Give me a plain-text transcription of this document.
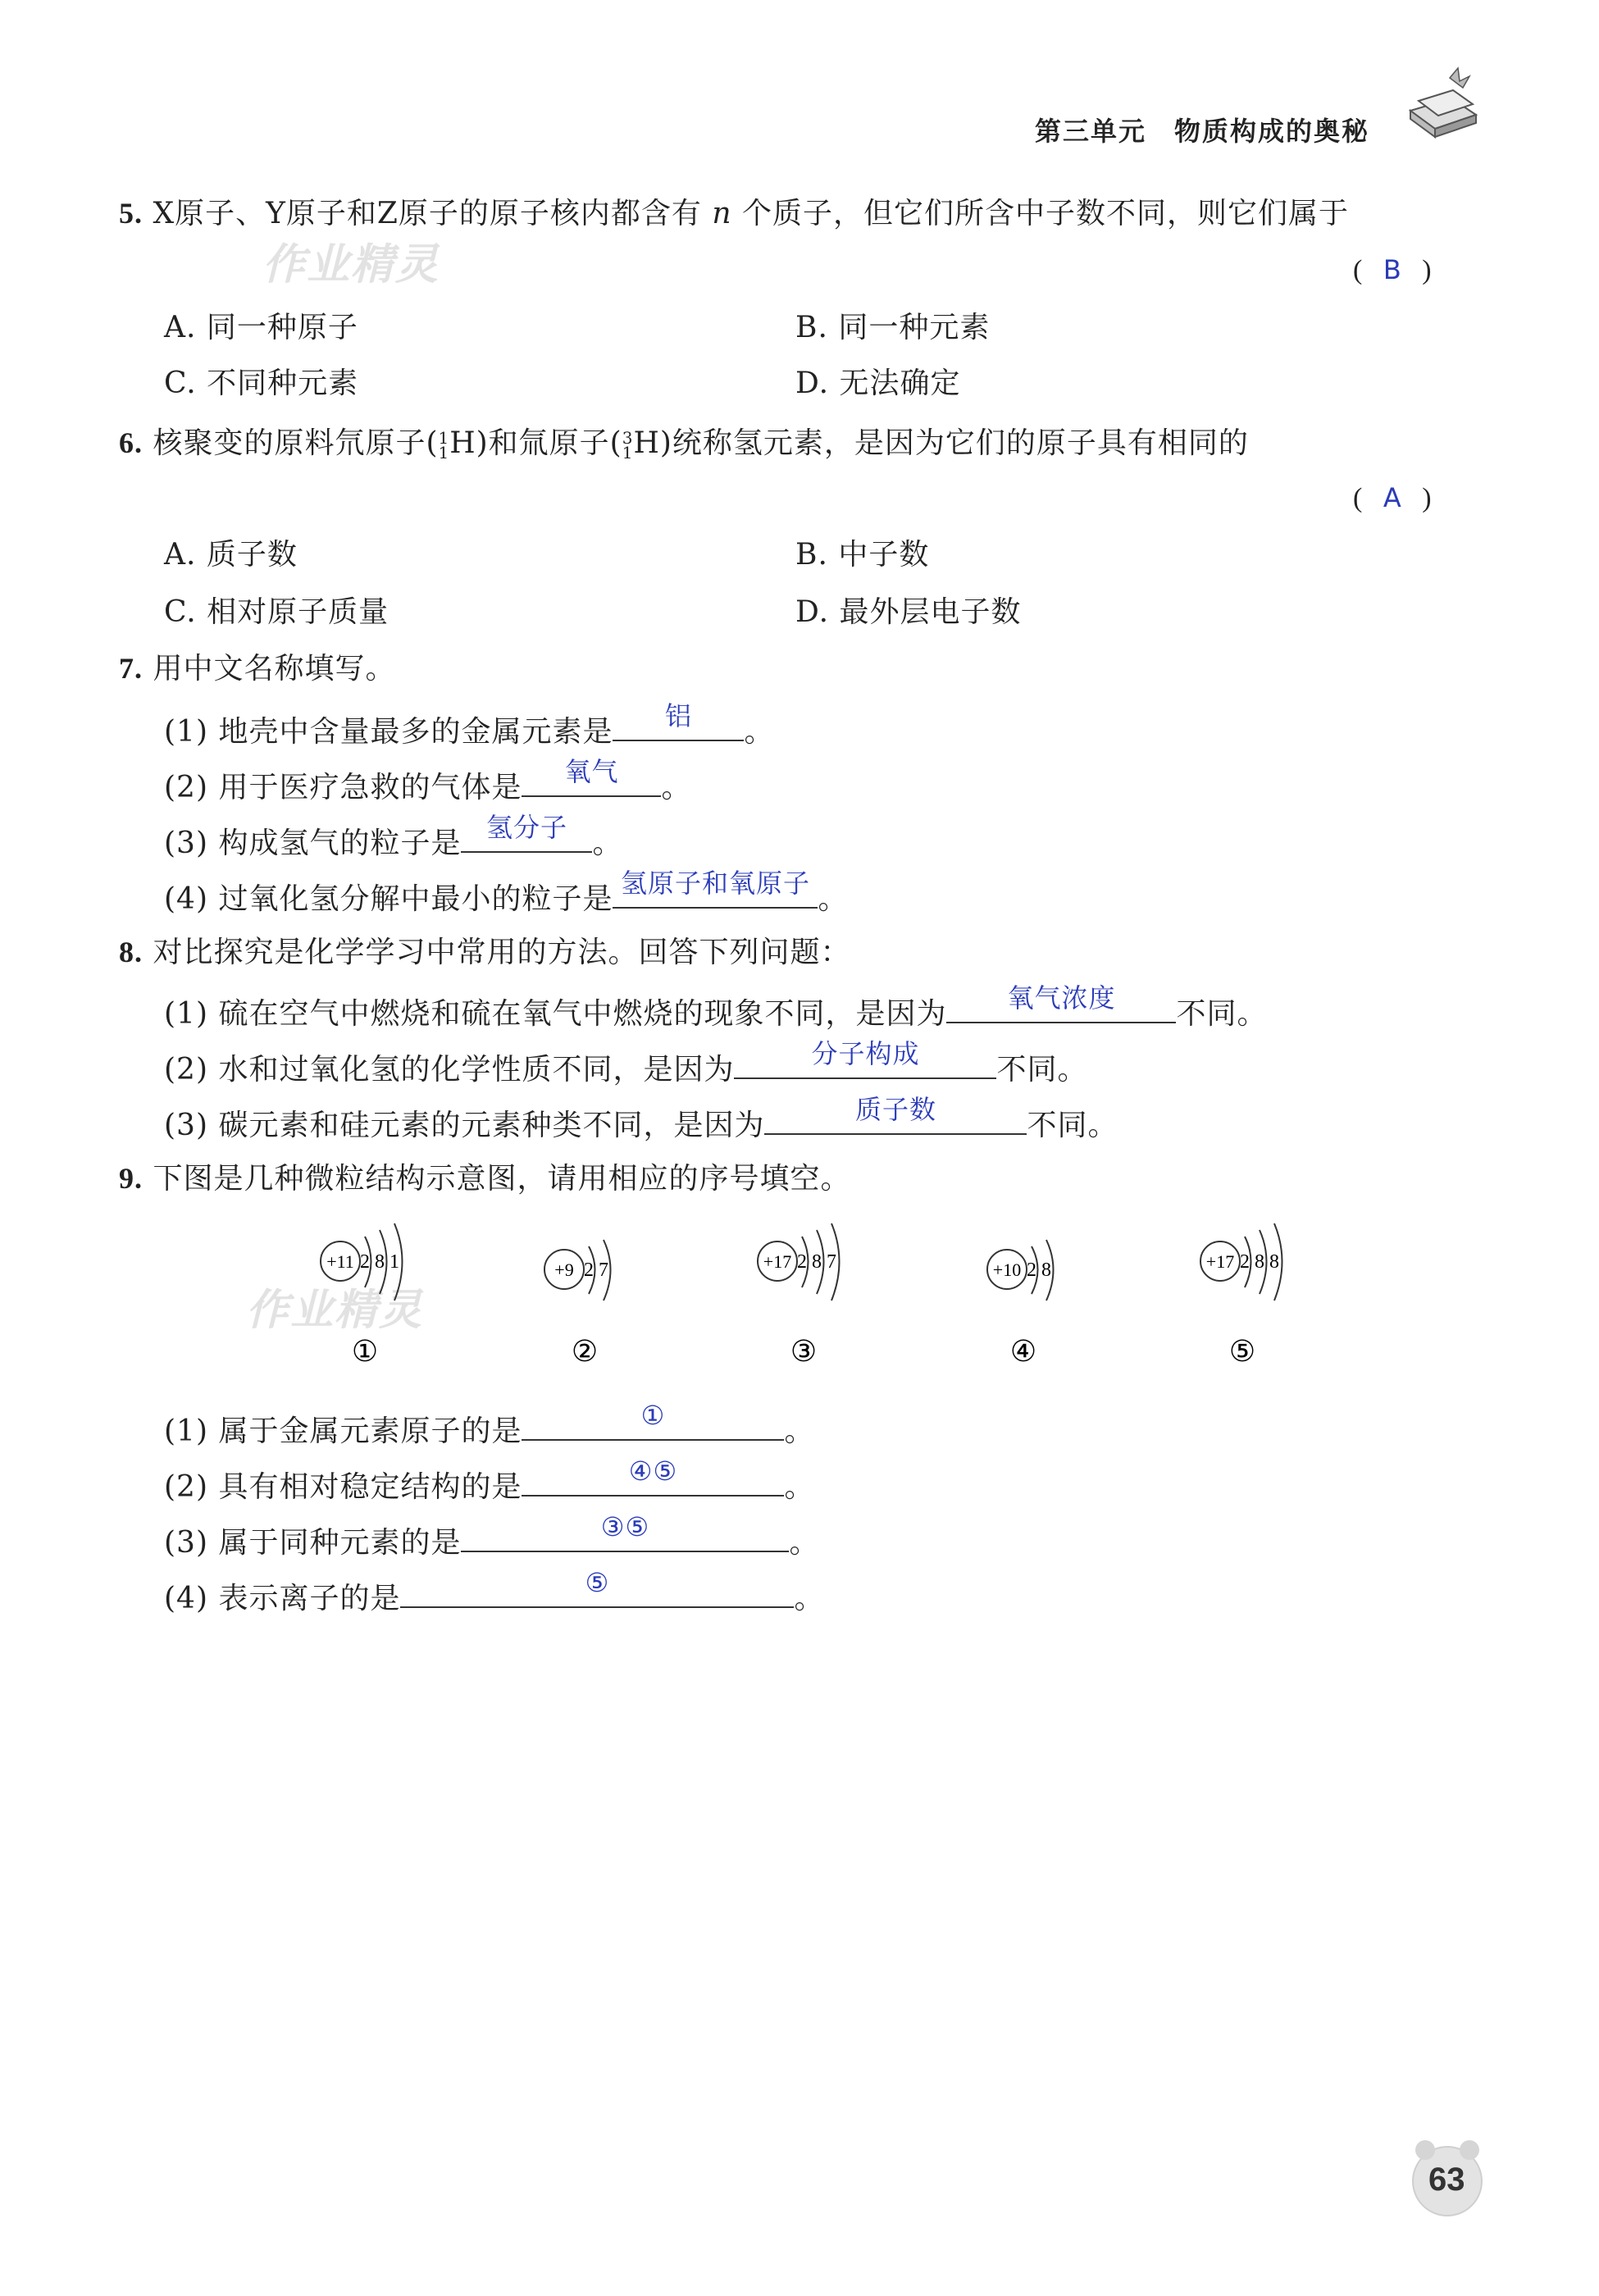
第三单元　物质构成的奥秘
作业精灵
作业精灵
5. X原子、Y原子和Z原子的原子核内都含有 n 个质子，但它们所含中子数不同，则它们属于
(   B   )
A. 同一种原子	B. 同一种元素
C. 不同种元素	D. 无法确定
6. 核聚变的原料氘原子(1
1H)和氚原子(3
1H)统称氢元素，是因为它们的原子具有相同的
(   A   )
A. 质子数	B. 中子数
C. 相对原子质量	D. 最外层电子数
7. 用中文名称填写。
(1) 地壳中含量最多的金属元素是	铝	。
(2) 用于医疗急救的气体是	氧气	。
(3) 构成氢气的粒子是 氢分子 。
(4) 过氧化氢分解中最小的粒子是 氢原子和氧原子 。
8. 对比探究是化学学习中常用的方法。回答下列问题：
(1) 硫在空气中燃烧和硫在氧气中燃烧的现象不同，是因为	氧气浓度	不同。
(2) 水和过氧化氢的化学性质不同，是因为	分子构成	不同。
(3) 碳元素和硅元素的元素种类不同，是因为	质子数	不同。
9. 下图是几种微粒结构示意图，请用相应的序号填空。
+11 2 8 1	+9 2 7	+17 2 8 7	+10 2 8	+17 2 8 8
①	②	③	④	⑤
(1) 属于金属元素原子的是	①	。
(2) 具有相对稳定结构的是	④⑤	。
(3) 属于同种元素的是	③⑤	。
(4) 表示离子的是	⑤	。
63
